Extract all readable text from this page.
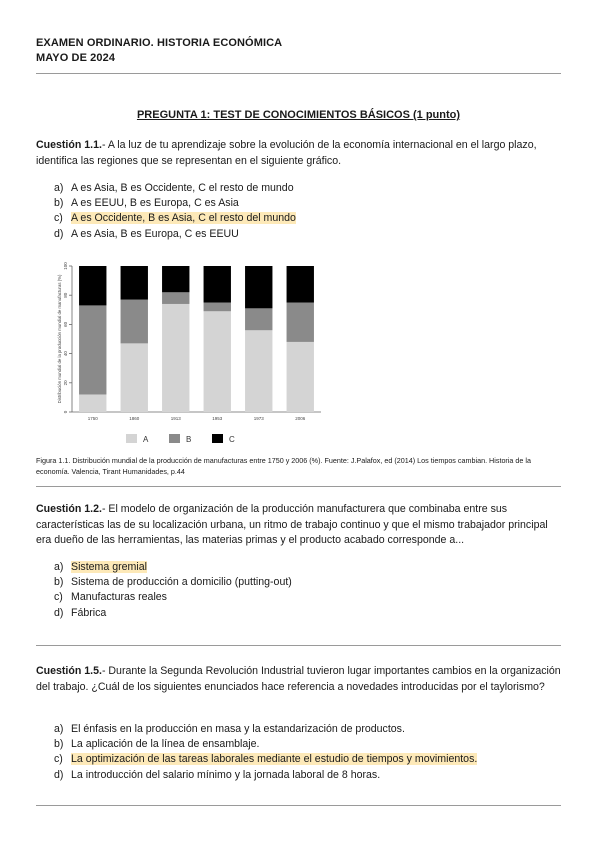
EXAMEN ORDINARIO. HISTORIA ECONÓMICA
MAYO DE 2024
PREGUNTA 1: TEST DE CONOCIMIENTOS BÁSICOS (1 punto)
Cuestión 1.1.- A la luz de tu aprendizaje sobre la evolución de la economía internacional en el largo plazo, identifica las regiones que se representan en el siguiente gráfico.
a) A es Asia, B es Occidente, C el resto de mundo
b) A es EEUU, B es Europa, C es Asia
c) A es Occidente, B es Asia, C el resto del mundo
d) A es Asia, B es Europa, C es EEUU
0
20
40
60
80
100
Distribución mundial de la producción mundial de manufacturas (%)
1750	1860	1913	1953	1973	2006
A	B	C
Figura 1.1. Distribución mundial de la producción de manufacturas entre 1750 y 2006 (%). Fuente: J.Palafox, ed (2014) Los tiempos cambian. Historia de la economía. Valencia, Tirant Humanidades, p.44
Cuestión 1.2.- El modelo de organización de la producción manufacturera que combinaba entre sus características las de su localización urbana, un ritmo de trabajo continuo y que el mismo trabajador principal era dueño de las herramientas, las materias primas y el producto acabado corresponde a...
a) Sistema gremial
b) Sistema de producción a domicilio (putting-out)
c) Manufacturas reales
d) Fábrica
Cuestión 1.5.- Durante la Segunda Revolución Industrial tuvieron lugar importantes cambios en la organización del trabajo. ¿Cuál de los siguientes enunciados hace referencia a novedades introducidas por el taylorismo?
a) El énfasis en la producción en masa y la estandarización de productos.
b) La aplicación de la línea de ensamblaje.
c) La optimización de las tareas laborales mediante el estudio de tiempos y movimientos.
d) La introducción del salario mínimo y la jornada laboral de 8 horas.
